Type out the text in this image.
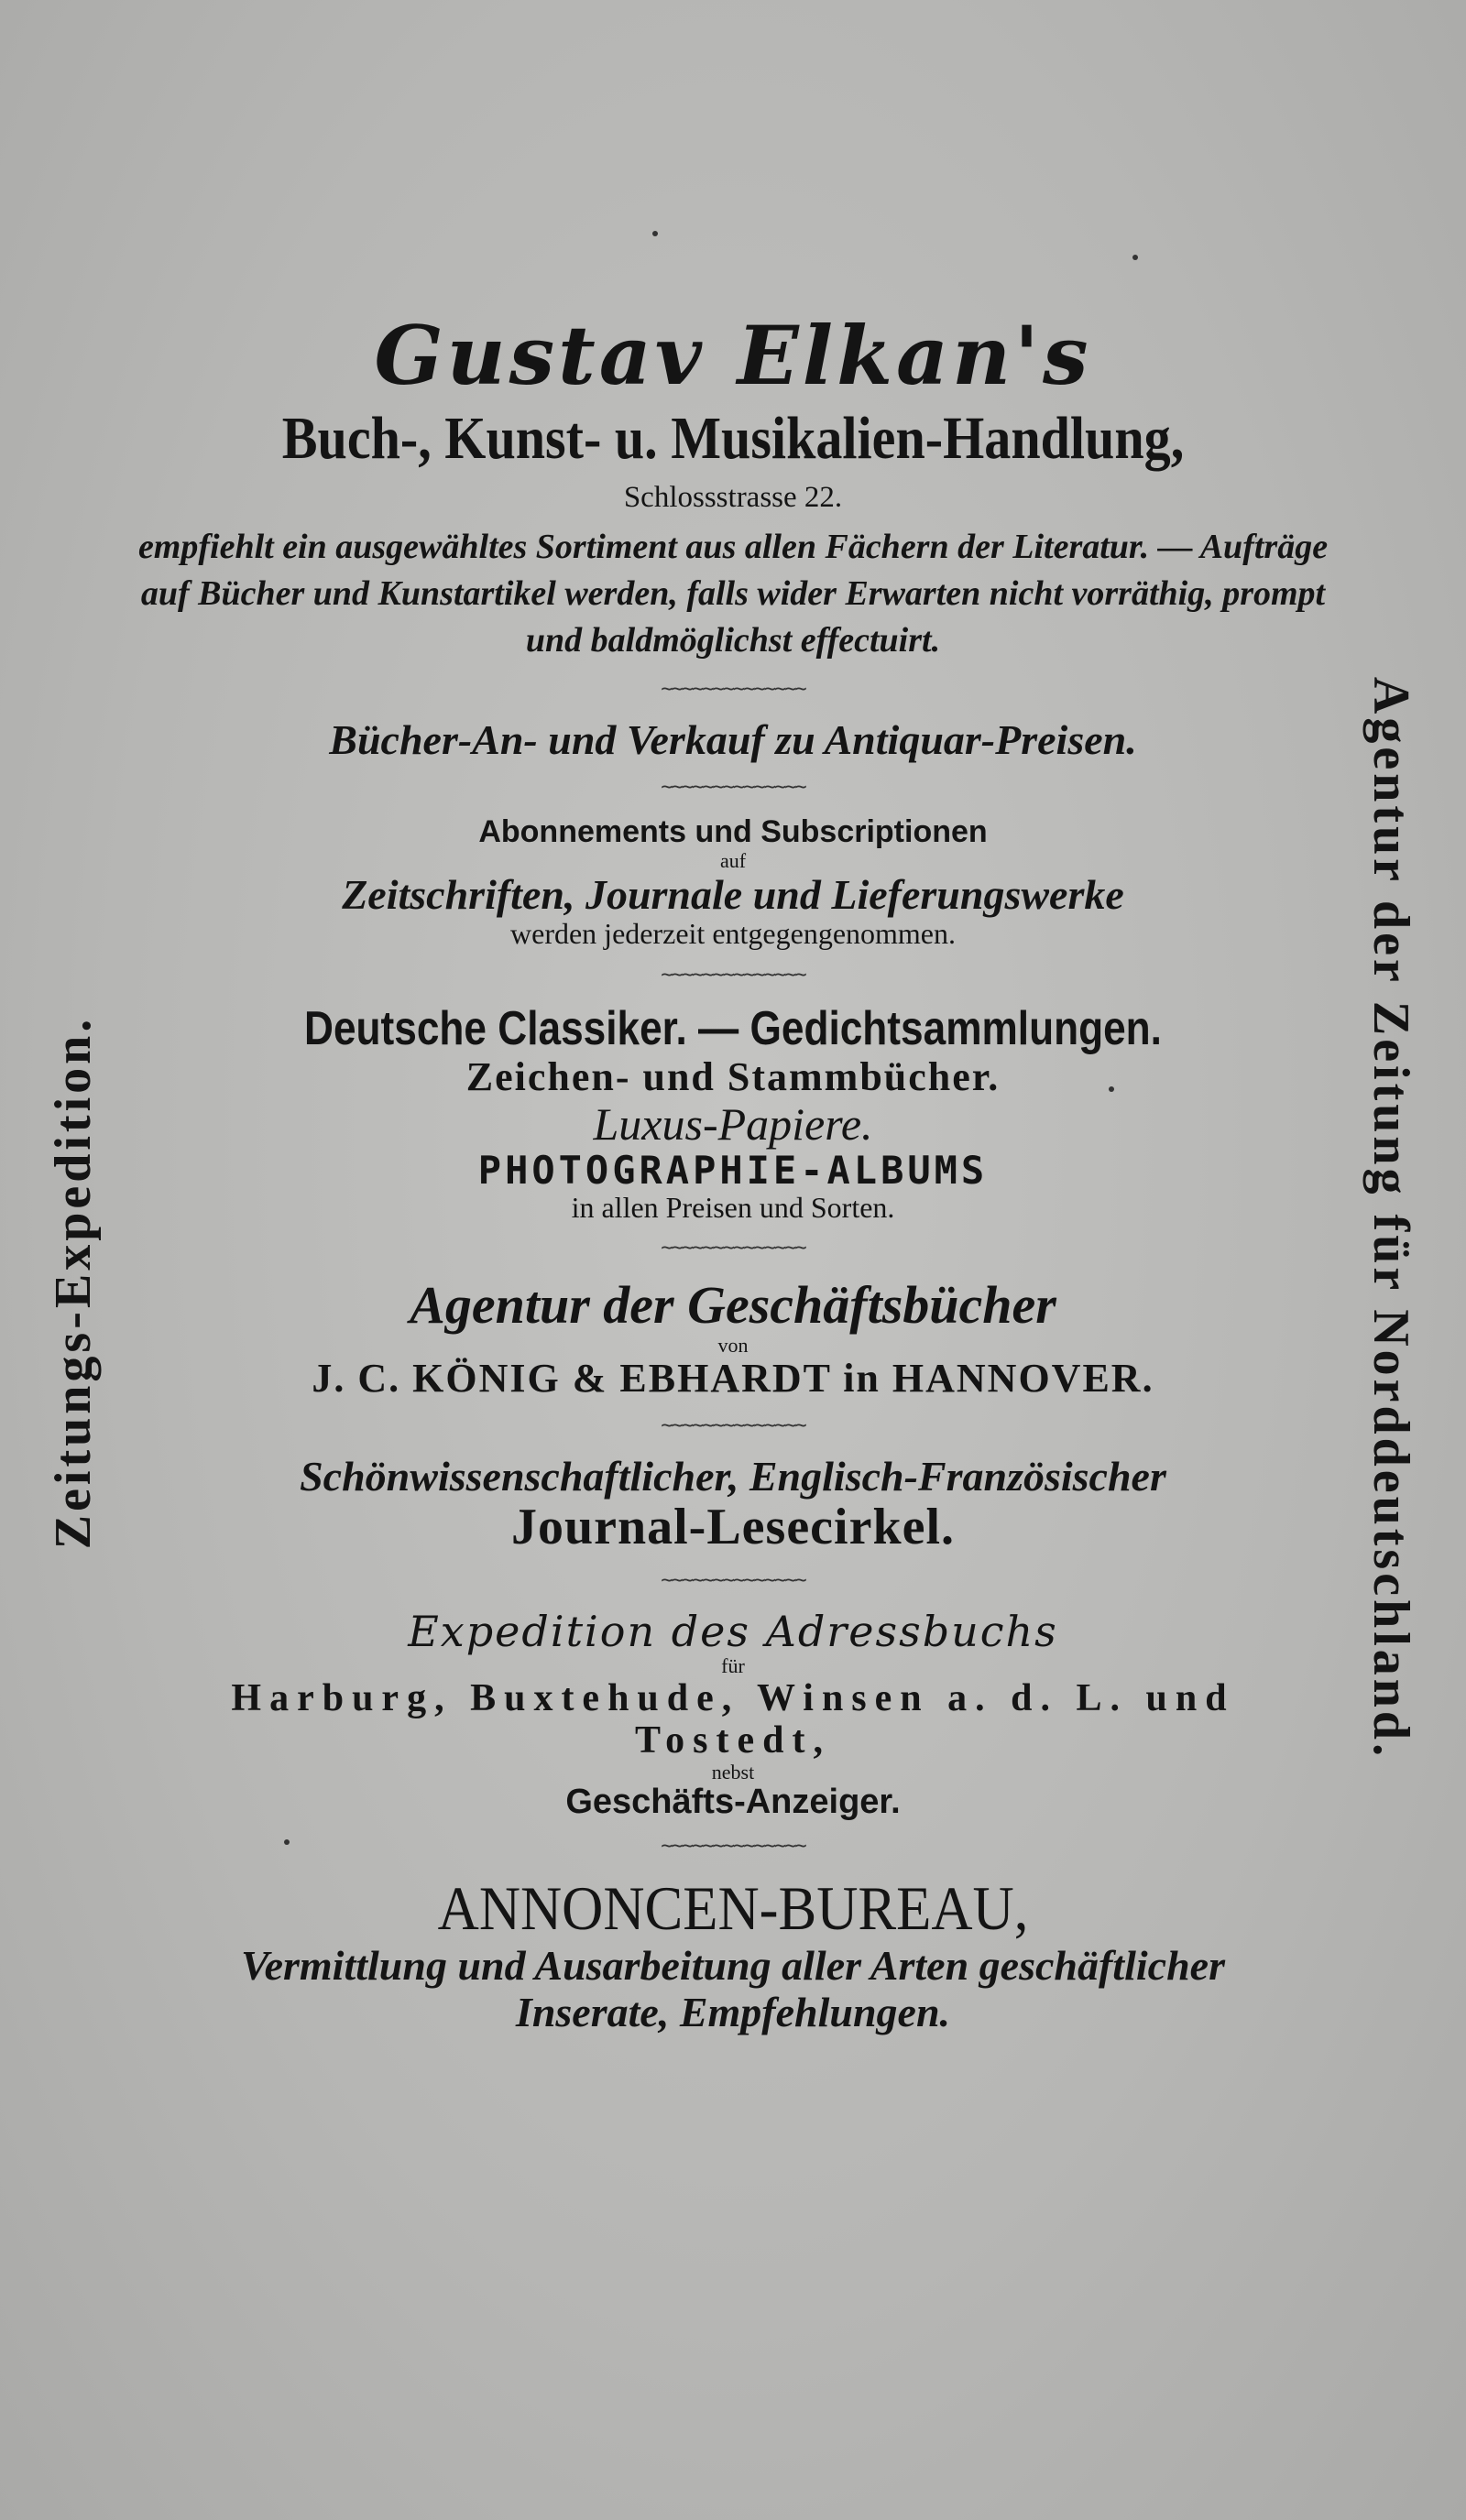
Zeitungs-Expedition.	Agentur der Zeitung für Norddeutschland.

Gustav Elkan's

Buch-, Kunst- u. Musikalien-Handlung,

Schlossstrasse 22.

empfiehlt ein ausgewähltes Sortiment aus allen Fächern der Literatur. — Aufträge auf Bücher und Kunstartikel werden, falls wider Erwarten nicht vorräthig, prompt und baldmöglichst effectuirt.

~~~~~~~~~~~~~~

Bücher-An- und Verkauf zu Antiquar-Preisen.

~~~~~~~~~~~~~~

Abonnements und Subscriptionen

auf

Zeitschriften, Journale und Lieferungswerke

werden jederzeit entgegengenommen.

~~~~~~~~~~~~~~

Deutsche Classiker. — Gedichtsammlungen.

Zeichen- und Stammbücher.

Luxus-Papiere.

PHOTOGRAPHIE-ALBUMS

in allen Preisen und Sorten.

~~~~~~~~~~~~~~

Agentur der Geschäftsbücher

von

J. C. KÖNIG & EBHARDT in HANNOVER.

~~~~~~~~~~~~~~

Schönwissenschaftlicher, Englisch-Französischer

Journal-Lesecirkel.

~~~~~~~~~~~~~~

Expedition des Adressbuchs

für

Harburg, Buxtehude, Winsen a. d. L. und

Tostedt,

nebst

Geschäfts-Anzeiger.

~~~~~~~~~~~~~~

ANNONCEN-BUREAU,

Vermittlung und Ausarbeitung aller Arten geschäftlicher

Inserate, Empfehlungen.
